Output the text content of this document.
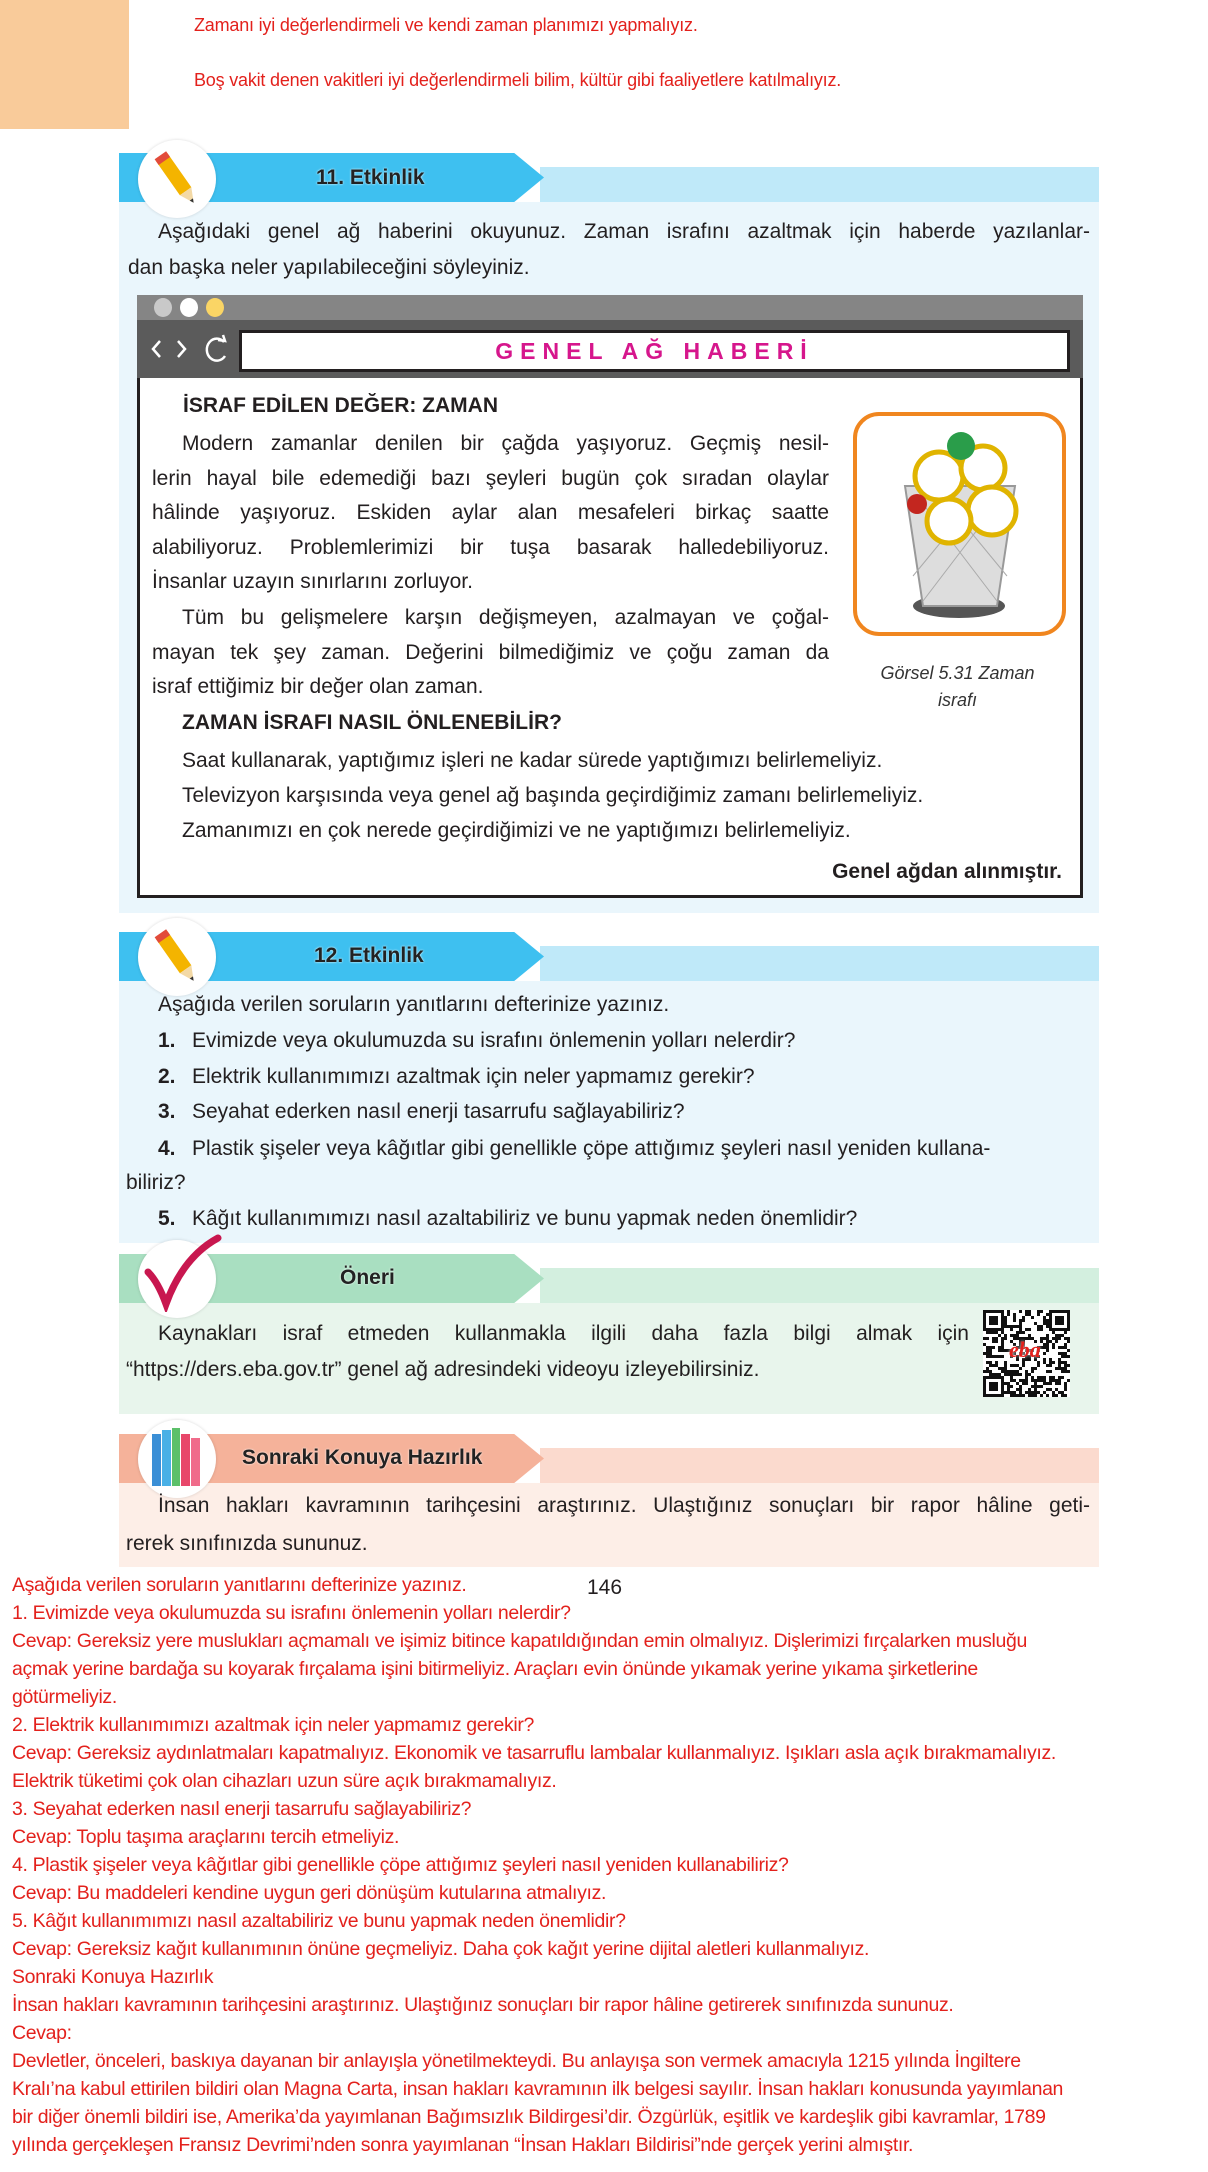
Zamanı iyi değerlendirmeli ve kendi zaman planımızı yapmalıyız.
Boş vakit denen vakitleri iyi değerlendirmeli bilim, kültür gibi faaliyetlere katılmalıyız.
11. Etkinlik
Aşağıdaki genel ağ haberini okuyunuz. Zaman israfını azaltmak için haberde yazılanlar-
dan başka neler yapılabileceğini söyleyiniz.
GENEL AĞ HABERİ
İSRAF EDİLEN DEĞER: ZAMAN
Modern zamanlar denilen bir çağda yaşıyoruz. Geçmiş nesil-
lerin hayal bile edemediği bazı şeyleri bugün çok sıradan olaylar
hâlinde yaşıyoruz. Eskiden aylar alan mesafeleri birkaç saatte
alabiliyoruz. Problemlerimizi bir tuşa basarak halledebiliyoruz.
İnsanlar uzayın sınırlarını zorluyor.
Tüm bu gelişmelere karşın değişmeyen, azalmayan ve çoğal-
mayan tek şey zaman. Değerini bilmediğimiz ve çoğu zaman da
israf ettiğimiz bir değer olan zaman.
ZAMAN İSRAFI NASIL ÖNLENEBİLİR?
Saat kullanarak, yaptığımız işleri ne kadar sürede yaptığımızı belirlemeliyiz.
Televizyon karşısında veya genel ağ başında geçirdiğimiz zamanı belirlemeliyiz.
Zamanımızı en çok nerede geçirdiğimizi ve ne yaptığımızı belirlemeliyiz.
Genel ağdan alınmıştır.
Görsel 5.31 Zaman
israfı
12. Etkinlik
Aşağıda verilen soruların yanıtlarını defterinize yazınız.
1. Evimizde veya okulumuzda su israfını önlemenin yolları nelerdir?
2. Elektrik kullanımımızı azaltmak için neler yapmamız gerekir?
3. Seyahat ederken nasıl enerji tasarrufu sağlayabiliriz?
4. Plastik şişeler veya kâğıtlar gibi genellikle çöpe attığımız şeyleri nasıl yeniden kullana-
biliriz?
5. Kâğıt kullanımımızı nasıl azaltabiliriz ve bunu yapmak neden önemlidir?
Öneri
Kaynakları israf etmeden kullanmakla ilgili daha fazla bilgi almak için
“https://ders.eba.gov.tr” genel ağ adresindeki videoyu izleyebilirsiniz.
eba
Sonraki Konuya Hazırlık
İnsan hakları kavramının tarihçesini araştırınız. Ulaştığınız sonuçları bir rapor hâline geti-
rerek sınıfınızda sununuz.
146
Aşağıda verilen soruların yanıtlarını defterinize yazınız.
1. Evimizde veya okulumuzda su israfını önlemenin yolları nelerdir?
Cevap: Gereksiz yere muslukları açmamalı ve işimiz bitince kapatıldığından emin olmalıyız. Dişlerimizi fırçalarken musluğu
açmak yerine bardağa su koyarak fırçalama işini bitirmeliyiz. Araçları evin önünde yıkamak yerine yıkama şirketlerine
götürmeliyiz.
2. Elektrik kullanımımızı azaltmak için neler yapmamız gerekir?
Cevap: Gereksiz aydınlatmaları kapatmalıyız. Ekonomik ve tasarruflu lambalar kullanmalıyız. Işıkları asla açık bırakmamalıyız.
Elektrik tüketimi çok olan cihazları uzun süre açık bırakmamalıyız.
3. Seyahat ederken nasıl enerji tasarrufu sağlayabiliriz?
Cevap: Toplu taşıma araçlarını tercih etmeliyiz.
4. Plastik şişeler veya kâğıtlar gibi genellikle çöpe attığımız şeyleri nasıl yeniden kullanabiliriz?
Cevap: Bu maddeleri kendine uygun geri dönüşüm kutularına atmalıyız.
5. Kâğıt kullanımımızı nasıl azaltabiliriz ve bunu yapmak neden önemlidir?
Cevap: Gereksiz kağıt kullanımının önüne geçmeliyiz. Daha çok kağıt yerine dijital aletleri kullanmalıyız.
Sonraki Konuya Hazırlık
İnsan hakları kavramının tarihçesini araştırınız. Ulaştığınız sonuçları bir rapor hâline getirerek sınıfınızda sununuz.
Cevap:
Devletler, önceleri, baskıya dayanan bir anlayışla yönetilmekteydi. Bu anlayışa son vermek amacıyla 1215 yılında İngiltere
Kralı’na kabul ettirilen bildiri olan Magna Carta, insan hakları kavramının ilk belgesi sayılır. İnsan hakları konusunda yayımlanan
bir diğer önemli bildiri ise, Amerika’da yayımlanan Bağımsızlık Bildirgesi’dir. Özgürlük, eşitlik ve kardeşlik gibi kavramlar, 1789
yılında gerçekleşen Fransız Devrimi’nden sonra yayımlanan “İnsan Hakları Bildirisi”nde gerçek yerini almıştır.
